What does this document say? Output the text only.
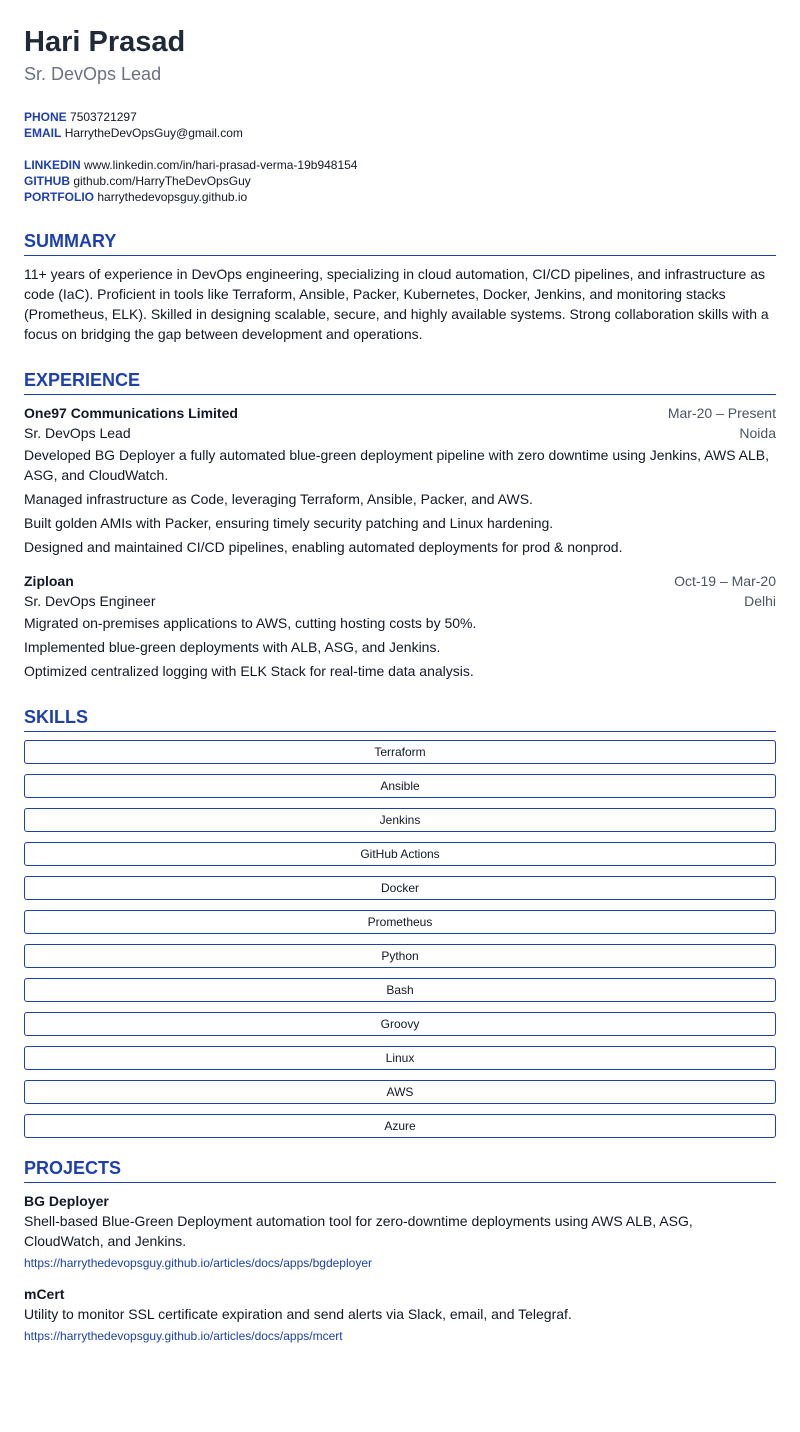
Hari Prasad
Sr. DevOps Lead
PHONE 7503721297
EMAIL HarrytheDevOpsGuy@gmail.com
LINKEDIN www.linkedin.com/in/hari-prasad-verma-19b948154
GITHUB github.com/HarryTheDevOpsGuy
PORTFOLIO harrythedevopsguy.github.io
SUMMARY
11+ years of experience in DevOps engineering, specializing in cloud automation, CI/CD pipelines, and infrastructure as code (IaC). Proficient in tools like Terraform, Ansible, Packer, Kubernetes, Docker, Jenkins, and monitoring stacks (Prometheus, ELK). Skilled in designing scalable, secure, and highly available systems. Strong collaboration skills with a focus on bridging the gap between development and operations.
EXPERIENCE
One97 Communications Limited	Mar-20 – Present
Sr. DevOps Lead	Noida
Developed BG Deployer a fully automated blue-green deployment pipeline with zero downtime using Jenkins, AWS ALB, ASG, and CloudWatch.
Managed infrastructure as Code, leveraging Terraform, Ansible, Packer, and AWS.
Built golden AMIs with Packer, ensuring timely security patching and Linux hardening.
Designed and maintained CI/CD pipelines, enabling automated deployments for prod & nonprod.
Ziploan	Oct-19 – Mar-20
Sr. DevOps Engineer	Delhi
Migrated on-premises applications to AWS, cutting hosting costs by 50%.
Implemented blue-green deployments with ALB, ASG, and Jenkins.
Optimized centralized logging with ELK Stack for real-time data analysis.
SKILLS
Terraform
Ansible
Jenkins
GitHub Actions
Docker
Prometheus
Python
Bash
Groovy
Linux
AWS
Azure
PROJECTS
BG Deployer
Shell-based Blue-Green Deployment automation tool for zero-downtime deployments using AWS ALB, ASG, CloudWatch, and Jenkins.
https://harrythedevopsguy.github.io/articles/docs/apps/bgdeployer
mCert
Utility to monitor SSL certificate expiration and send alerts via Slack, email, and Telegraf.
https://harrythedevopsguy.github.io/articles/docs/apps/mcert
